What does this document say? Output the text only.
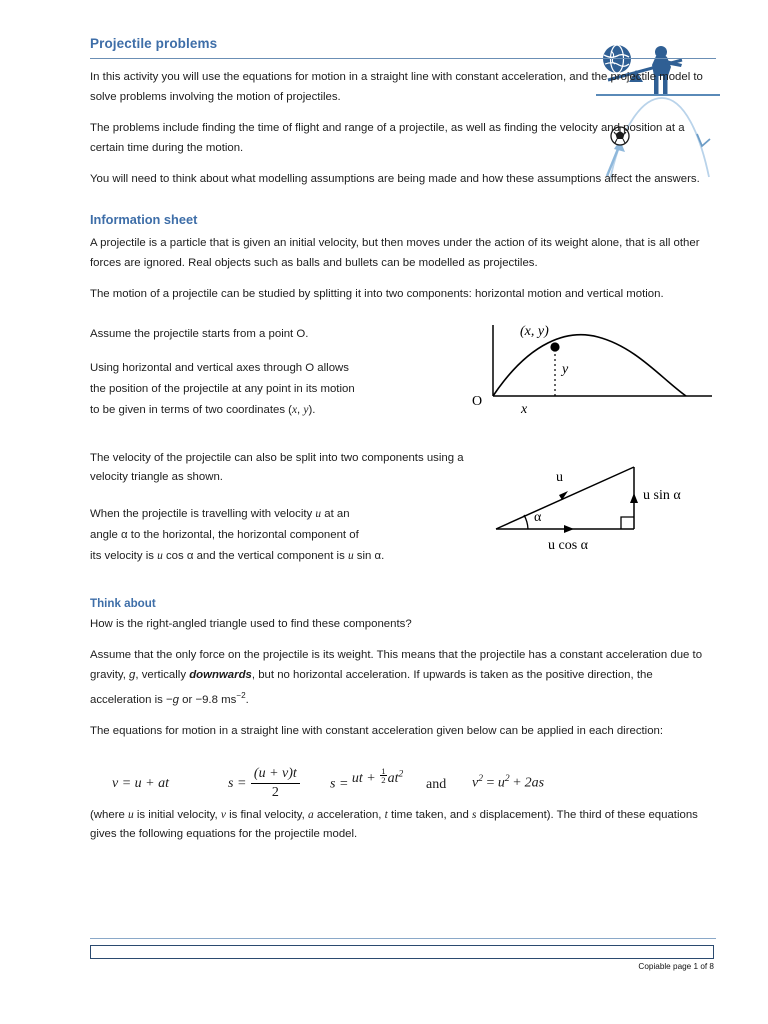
Projectile problems

In this activity you will use the equations for motion in a straight line with constant acceleration, and the projectile model to solve problems involving the motion of projectiles.

The problems include finding the time of flight and range of a projectile, as well as finding the velocity and position at a certain time during the motion.

You will need to think about what modelling assumptions are being made and how these assumptions affect the answers.

Information sheet

A projectile is a particle that is given an initial velocity, but then moves under the action of its weight alone, that is all other forces are ignored. Real objects such as balls and bullets can be modelled as projectiles.

The motion of a projectile can be studied by splitting it into two components: horizontal motion and vertical motion.

Assume the projectile starts from a point O.

Using horizontal and vertical axes through O allows
the position of the projectile at any point in its motion
to be given in terms of two coordinates (x, y).

(x, y)
y
x
O

The velocity of the projectile can also be split into two components using a velocity triangle as shown.

When the projectile is travelling with velocity u at an
angle α to the horizontal, the horizontal component of
its velocity is u cos α and the vertical component is u sin α.

u
α
u sin α
u cos α
Think about

How is the right-angled triangle used to find these components?

Assume that the only force on the projectile is its weight. This means that the projectile has a constant acceleration due to gravity, g, vertically downwards, but no horizontal acceleration. If upwards is taken as the positive direction, the acceleration is −g or −9.8 $ms^{-2}$.

The equations for motion in a straight line with constant acceleration given below can be applied in each direction:

v = u + at	$s = \frac{(u + v)t}{2}$ s = ut + $\frac{1}{2} at^2$
and $v^2 = u^2 + 2as$

(where u is initial velocity, v is final velocity, a acceleration, t time taken, and s displacement). The third of these equations gives the following equations for the projectile model.

Copiable page 1 of 8
